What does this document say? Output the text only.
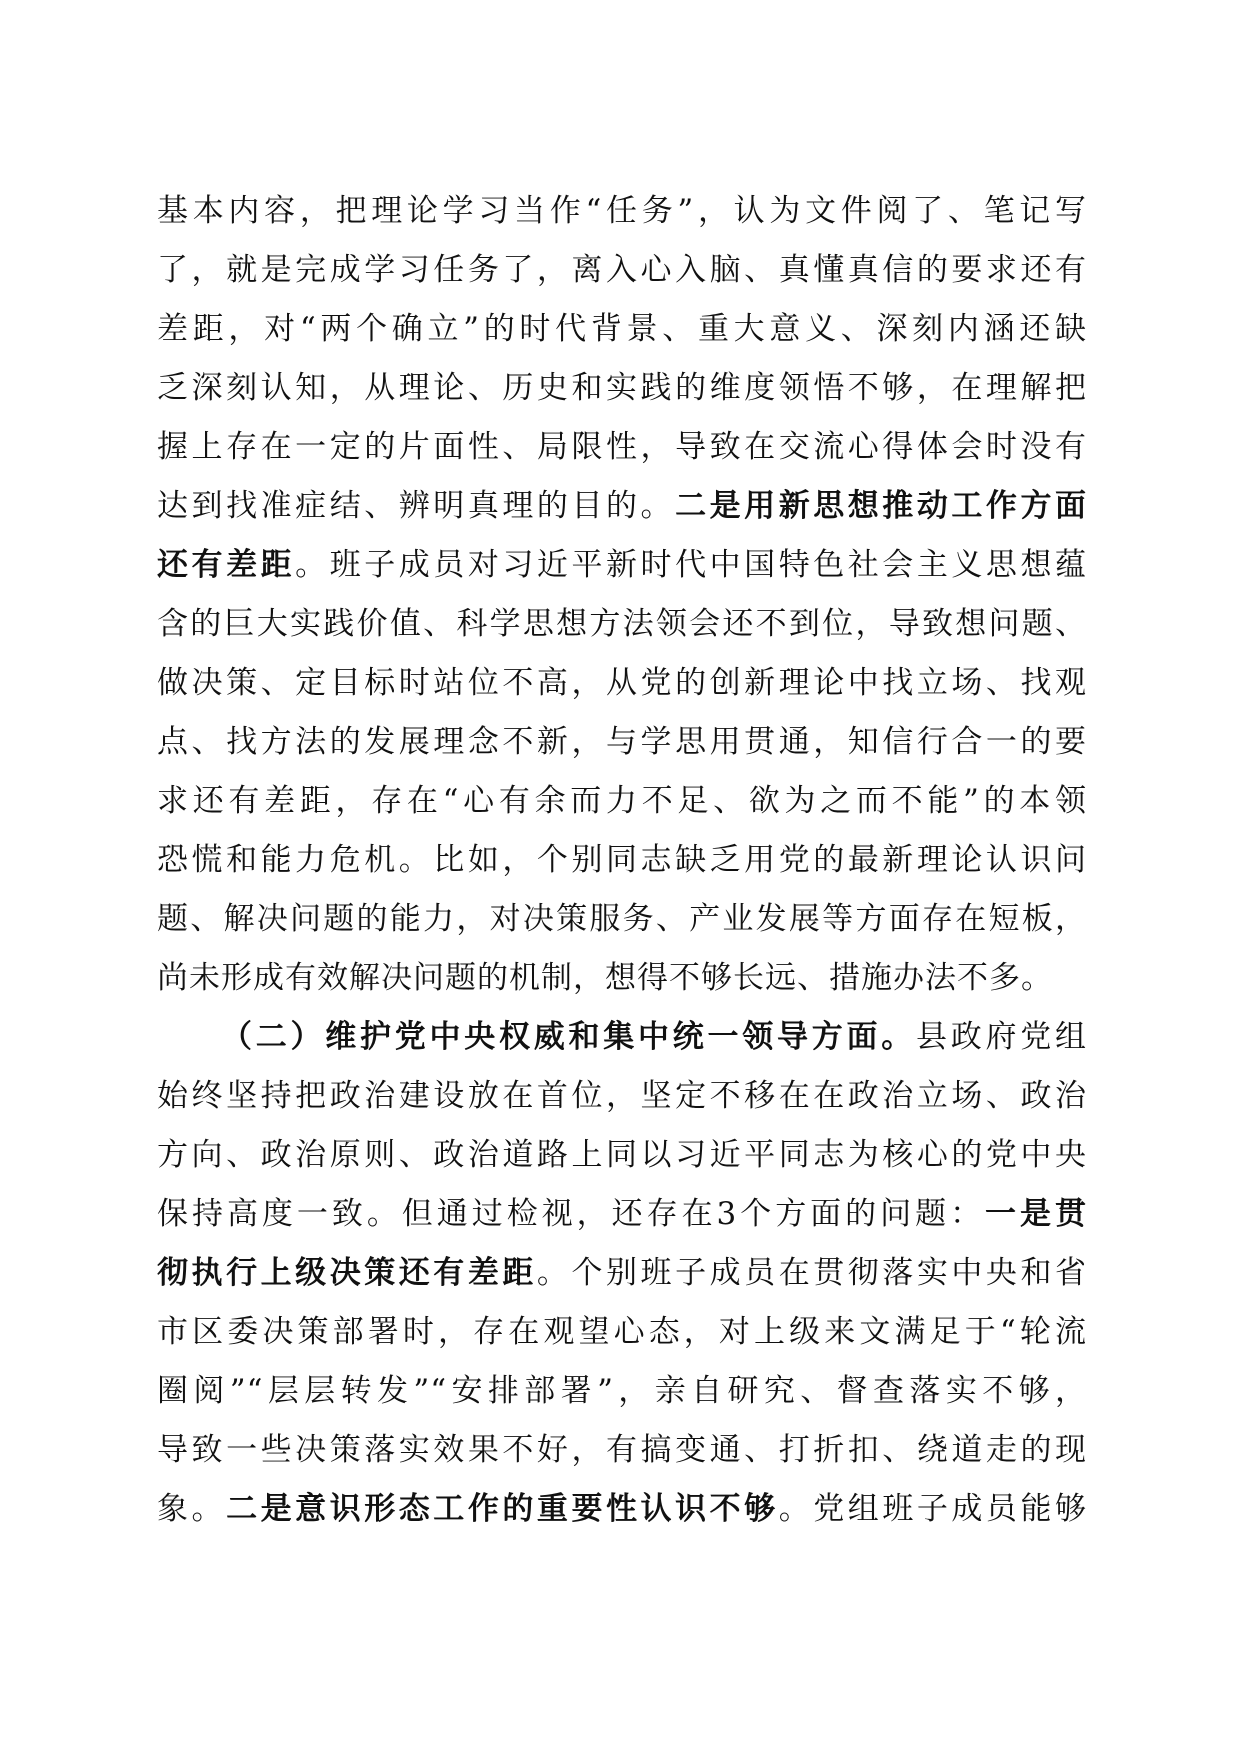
基本内容，把理论学习当作“任务”，认为文件阅了、笔记写
了，就是完成学习任务了，离入心入脑、真懂真信的要求还有
差距，对“两个确立”的时代背景、重大意义、深刻内涵还缺
乏深刻认知，从理论、历史和实践的维度领悟不够，在理解把
握上存在一定的片面性、局限性，导致在交流心得体会时没有
达到找准症结、辨明真理的目的。二是用新思想推动工作方面
还有差距。班子成员对习近平新时代中国特色社会主义思想蕴
含的巨大实践价值、科学思想方法领会还不到位，导致想问题、
做决策、定目标时站位不高，从党的创新理论中找立场、找观
点、找方法的发展理念不新，与学思用贯通，知信行合一的要
求还有差距，存在“心有余而力不足、欲为之而不能”的本领
恐慌和能力危机。比如，个别同志缺乏用党的最新理论认识问
题、解决问题的能力，对决策服务、产业发展等方面存在短板，
尚未形成有效解决问题的机制，想得不够长远、措施办法不多。
（二）维护党中央权威和集中统一领导方面。县政府党组
始终坚持把政治建设放在首位，坚定不移在在政治立场、政治
方向、政治原则、政治道路上同以习近平同志为核心的党中央
保持高度一致。但通过检视，还存在3个方面的问题：一是贯
彻执行上级决策还有差距。个别班子成员在贯彻落实中央和省
市区委决策部署时，存在观望心态，对上级来文满足于“轮流
圈阅”“层层转发”“安排部署”，亲自研究、督查落实不够，
导致一些决策落实效果不好，有搞变通、打折扣、绕道走的现
象。二是意识形态工作的重要性认识不够。党组班子成员能够
